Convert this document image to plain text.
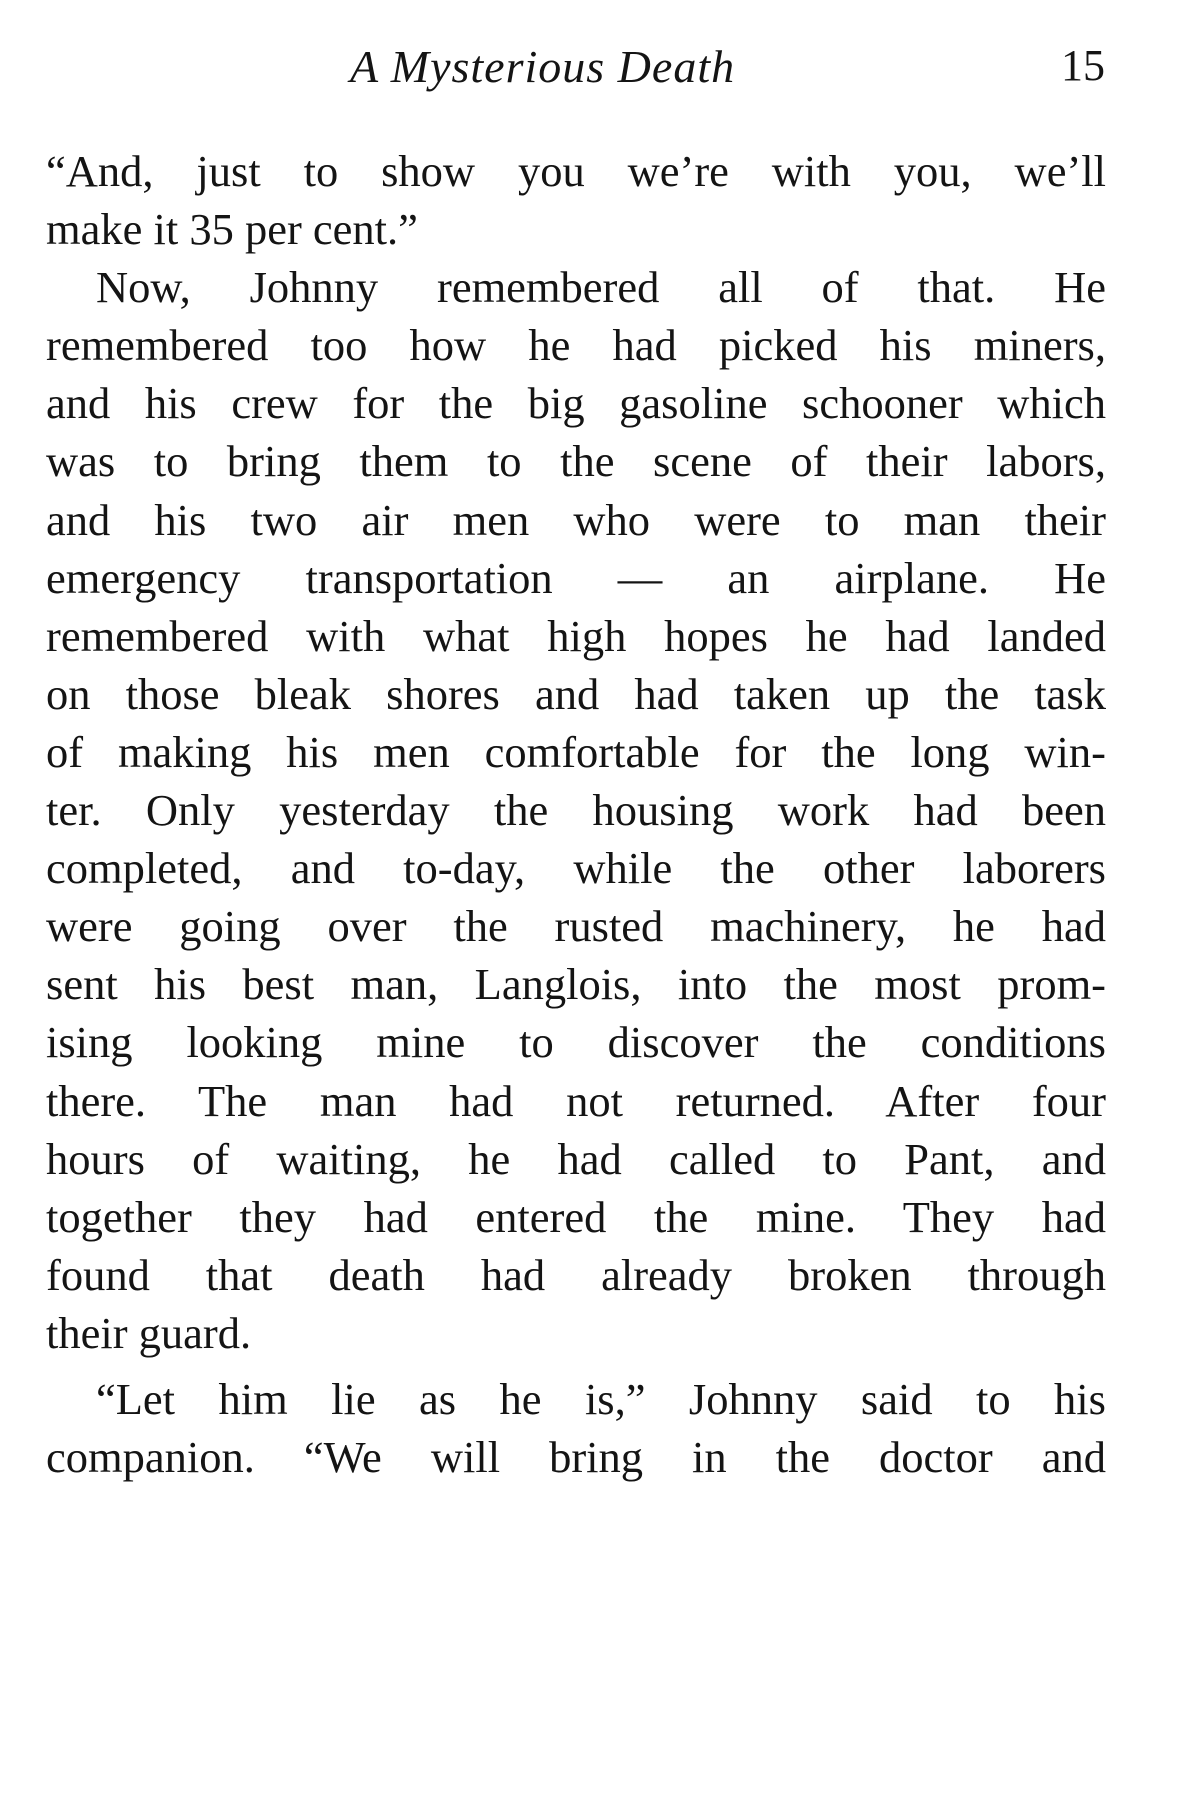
A Mysterious Death	15
“And, just to show you we’re with you, we’ll
make it 35 per cent.”
Now, Johnny remembered all of that. He
remembered too how he had picked his miners,
and his crew for the big gasoline schooner which
was to bring them to the scene of their labors,
and his two air men who were to man their
emergency transportation — an airplane. He
remembered with what high hopes he had landed
on those bleak shores and had taken up the task
of making his men comfortable for the long win-
ter. Only yesterday the housing work had been
completed, and to-day, while the other laborers
were going over the rusted machinery, he had
sent his best man, Langlois, into the most prom-
ising looking mine to discover the conditions
there. The man had not returned. After four
hours of waiting, he had called to Pant, and
together they had entered the mine. They had
found that death had already broken through
their guard.
“Let him lie as he is,” Johnny said to his
companion. “We will bring in the doctor and
